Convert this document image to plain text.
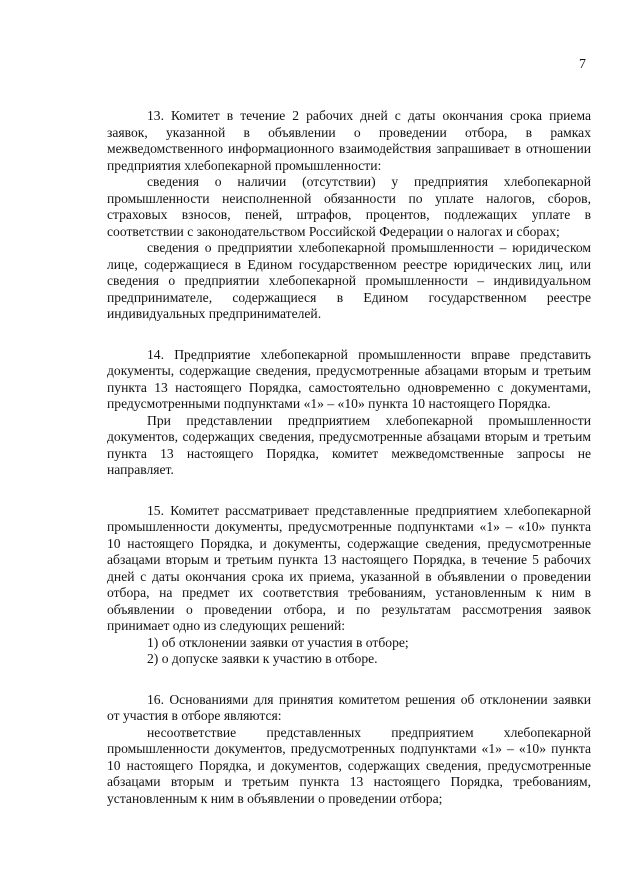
7

13. Комитет в течение 2 рабочих дней с даты окончания срока приема заявок, указанной в объявлении о проведении отбора, в рамках межведомственного информационного взаимодействия запрашивает в отношении предприятия хлебопекарной промышленности:

сведения о наличии (отсутствии) у предприятия хлебопекарной промышленности неисполненной обязанности по уплате налогов, сборов, страховых взносов, пеней, штрафов, процентов, подлежащих уплате в соответствии с законодательством Российской Федерации о налогах и сборах;

сведения о предприятии хлебопекарной промышленности – юридическом лице, содержащиеся в Едином государственном реестре юридических лиц, или сведения о предприятии хлебопекарной промышленности – индивидуальном предпринимателе, содержащиеся в Едином государственном реестре индивидуальных предпринимателей.

14. Предприятие хлебопекарной промышленности вправе представить документы, содержащие сведения, предусмотренные абзацами вторым и третьим пункта 13 настоящего Порядка, самостоятельно одновременно с документами, предусмотренными подпунктами «1» – «10» пункта 10 настоящего Порядка.

При представлении предприятием хлебопекарной промышленности документов, содержащих сведения, предусмотренные абзацами вторым и третьим пункта 13 настоящего Порядка, комитет межведомственные запросы не направляет.

15. Комитет рассматривает представленные предприятием хлебопекарной промышленности документы, предусмотренные подпунктами «1» – «10» пункта 10 настоящего Порядка, и документы, содержащие сведения, предусмотренные абзацами вторым и третьим пункта 13 настоящего Порядка, в течение 5 рабочих дней с даты окончания срока их приема, указанной в объявлении о проведении отбора, на предмет их соответствия требованиям, установленным к ним в объявлении о проведении отбора, и по результатам рассмотрения заявок принимает одно из следующих решений:

1) об отклонении заявки от участия в отборе;

2) о допуске заявки к участию в отборе.

16. Основаниями для принятия комитетом решения об отклонении заявки от участия в отборе являются:

несоответствие представленных предприятием хлебопекарной промышленности документов, предусмотренных подпунктами «1» – «10» пункта 10 настоящего Порядка, и документов, содержащих сведения, предусмотренные абзацами вторым и третьим пункта 13 настоящего Порядка, требованиям, установленным к ним в объявлении о проведении отбора;
